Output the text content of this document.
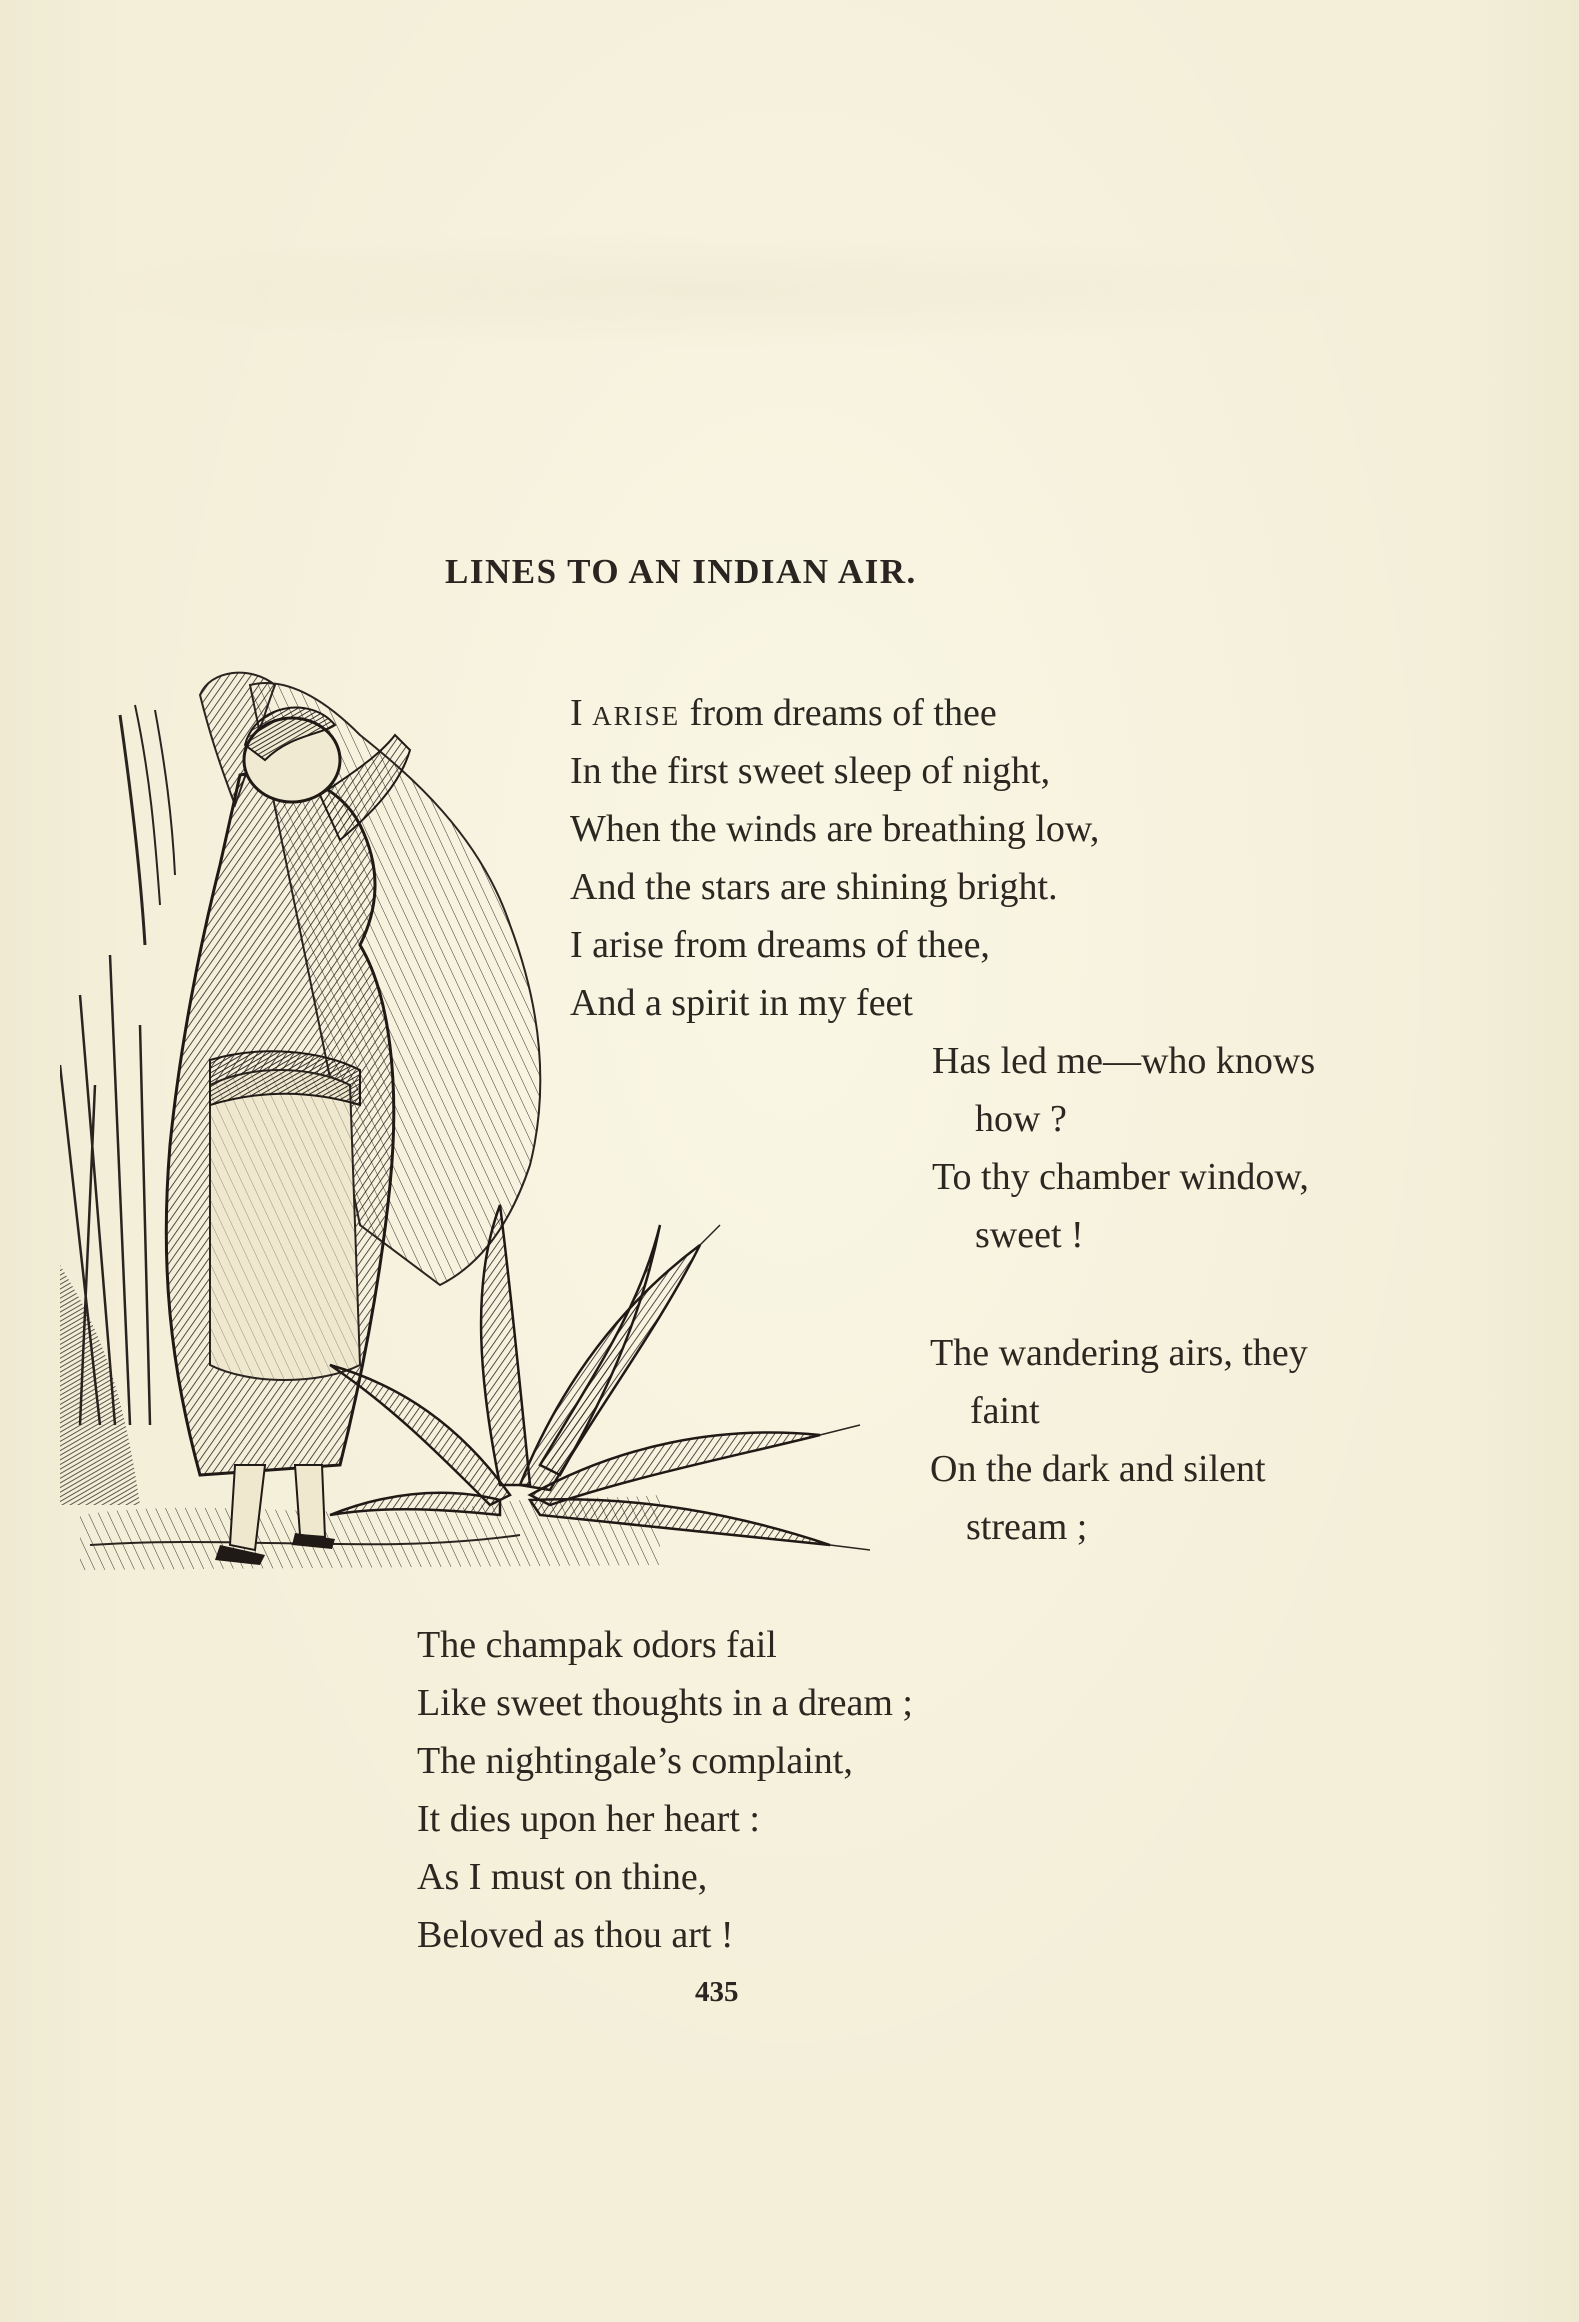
LINES TO AN INDIAN AIR.
I ARISE from dreams of thee
In the first sweet sleep of night,
When the winds are breathing low,
And the stars are shining bright.
I arise from dreams of thee,
And a spirit in my feet
Has led me—who knows
how ?
To thy chamber window,
sweet !
The wandering airs, they
faint
On the dark and silent
stream ;
The champak odors fail
Like sweet thoughts in a dream ;
The nightingale’s complaint,
It dies upon her heart :
As I must on thine,
Beloved as thou art !
435
